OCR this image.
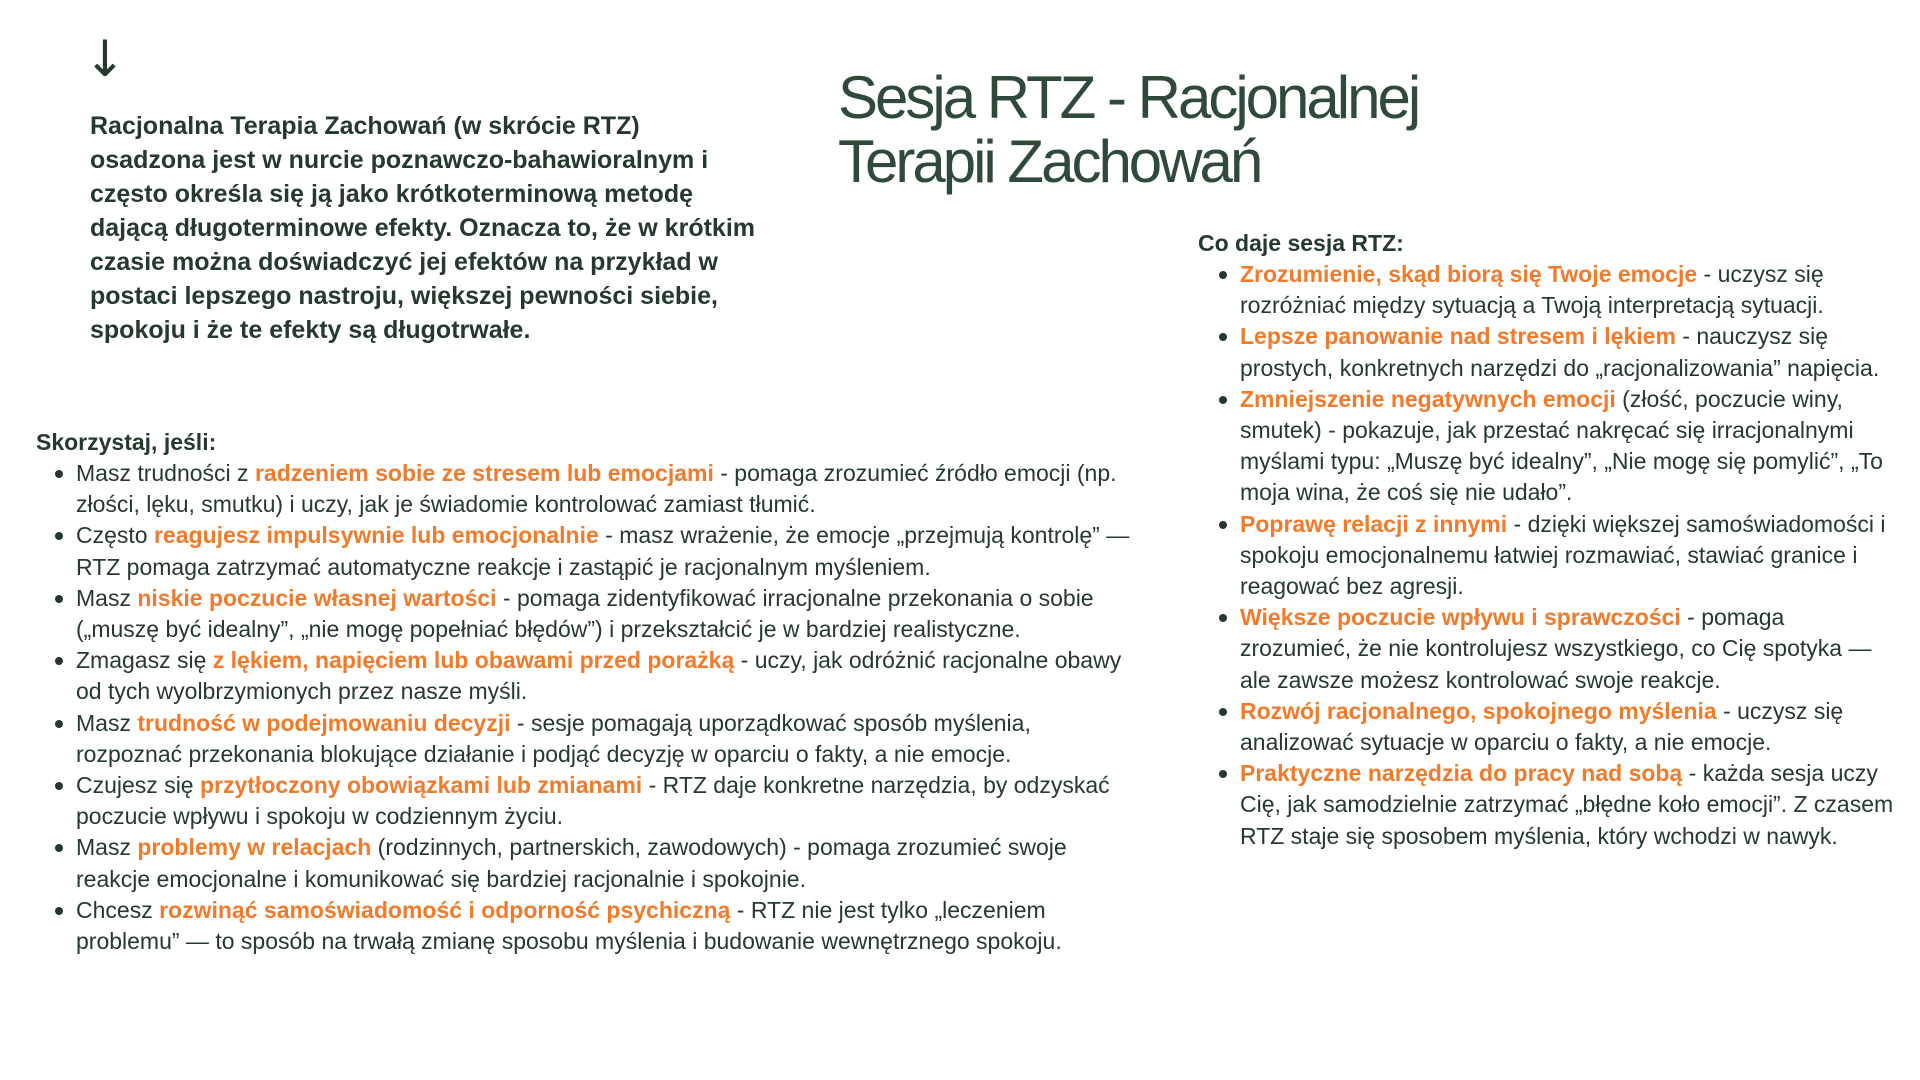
↓
Sesja RTZ - Racjonalnej Terapii Zachowań

Racjonalna Terapia Zachowań (w skrócie RTZ) osadzona jest w nurcie poznawczo-bahawioralnym i często określa się ją jako krótkoterminową metodę dającą długoterminowe efekty. Oznacza to, że w krótkim czasie można doświadczyć jej efektów na przykład w postaci lepszego nastroju, większej pewności siebie, spokoju i że te efekty są długotrwałe.

Skorzystaj, jeśli:

Masz trudności z radzeniem sobie ze stresem lub emocjami - pomaga zrozumieć źródło emocji (np. złości, lęku, smutku) i uczy, jak je świadomie kontrolować zamiast tłumić.
Często reagujesz impulsywnie lub emocjonalnie - masz wrażenie, że emocje „przejmują kontrolę” — RTZ pomaga zatrzymać automatyczne reakcje i zastąpić je racjonalnym myśleniem.
Masz niskie poczucie własnej wartości - pomaga zidentyfikować irracjonalne przekonania o sobie („muszę być idealny”, „nie mogę popełniać błędów”) i przekształcić je w bardziej realistyczne.
Zmagasz się z lękiem, napięciem lub obawami przed porażką - uczy, jak odróżnić racjonalne obawy od tych wyolbrzymionych przez nasze myśli.
Masz trudność w podejmowaniu decyzji - sesje pomagają uporządkować sposób myślenia, rozpoznać przekonania blokujące działanie i podjąć decyzję w oparciu o fakty, a nie emocje.
Czujesz się przytłoczony obowiązkami lub zmianami - RTZ daje konkretne narzędzia, by odzyskać poczucie wpływu i spokoju w codziennym życiu.
Masz problemy w relacjach (rodzinnych, partnerskich, zawodowych) - pomaga zrozumieć swoje reakcje emocjonalne i komunikować się bardziej racjonalnie i spokojnie.
Chcesz rozwinąć samoświadomość i odporność psychiczną - RTZ nie jest tylko „leczeniem problemu” — to sposób na trwałą zmianę sposobu myślenia i budowanie wewnętrznego spokoju.

Co daje sesja RTZ:

Zrozumienie, skąd biorą się Twoje emocje - uczysz się rozróżniać między sytuacją a Twoją interpretacją sytuacji.
Lepsze panowanie nad stresem i lękiem - nauczysz się prostych, konkretnych narzędzi do „racjonalizowania” napięcia.
Zmniejszenie negatywnych emocji (złość, poczucie winy, smutek) - pokazuje, jak przestać nakręcać się irracjonalnymi myślami typu: „Muszę być idealny”, „Nie mogę się pomylić”, „To moja wina, że coś się nie udało”.
Poprawę relacji z innymi - dzięki większej samoświadomości i spokoju emocjonalnemu łatwiej rozmawiać, stawiać granice i reagować bez agresji.
Większe poczucie wpływu i sprawczości - pomaga zrozumieć, że nie kontrolujesz wszystkiego, co Cię spotyka — ale zawsze możesz kontrolować swoje reakcje.
Rozwój racjonalnego, spokojnego myślenia - uczysz się analizować sytuacje w oparciu o fakty, a nie emocje.
Praktyczne narzędzia do pracy nad sobą - każda sesja uczy Cię, jak samodzielnie zatrzymać „błędne koło emocji”. Z czasem RTZ staje się sposobem myślenia, który wchodzi w nawyk.
